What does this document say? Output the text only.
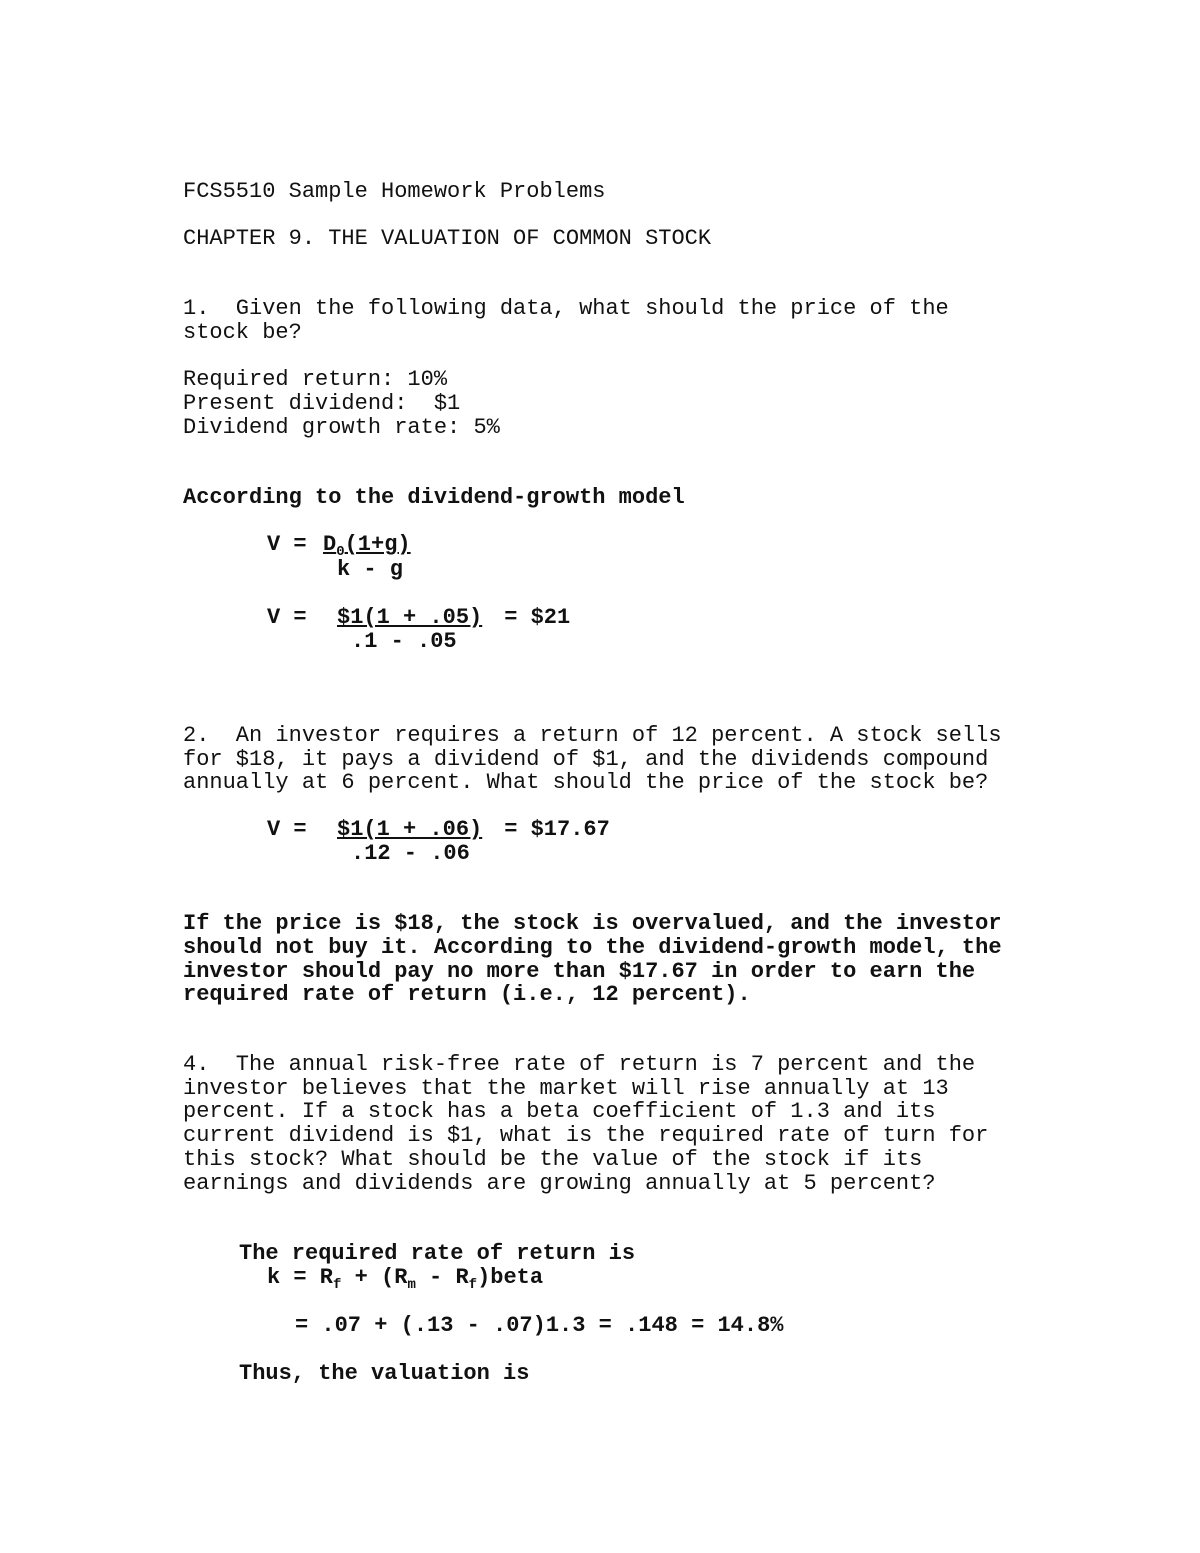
FCS5510 Sample Homework Problems
CHAPTER 9. THE VALUATION OF COMMON STOCK
1.  Given the following data, what should the price of the
stock be?
Required return: 10%
Present dividend:  $1
Dividend growth rate: 5%
According to the dividend-growth model
$V = D_0(1+g)$
k - g
V = $1(1 + .05) = $21
.1 - .05
2.  An investor requires a return of 12 percent. A stock sells
for $18, it pays a dividend of $1, and the dividends compound
annually at 6 percent. What should the price of the stock be?
V = $1(1 + .06) = $17.67
.12 - .06
If the price is $18, the stock is overvalued, and the investor
should not buy it. According to the dividend-growth model, the
investor should pay no more than $17.67 in order to earn the
required rate of return (i.e., 12 percent).
4.  The annual risk-free rate of return is 7 percent and the
investor believes that the market will rise annually at 13
percent. If a stock has a beta coefficient of 1.3 and its
current dividend is $1, what is the required rate of turn for
this stock? What should be the value of the stock if its
earnings and dividends are growing annually at 5 percent?
The required rate of return is
$k = R_f + (R_m$ - $R_f)beta$
= .07 + (.13 - .07)1.3 = .148 = 14.8%
Thus, the valuation is
